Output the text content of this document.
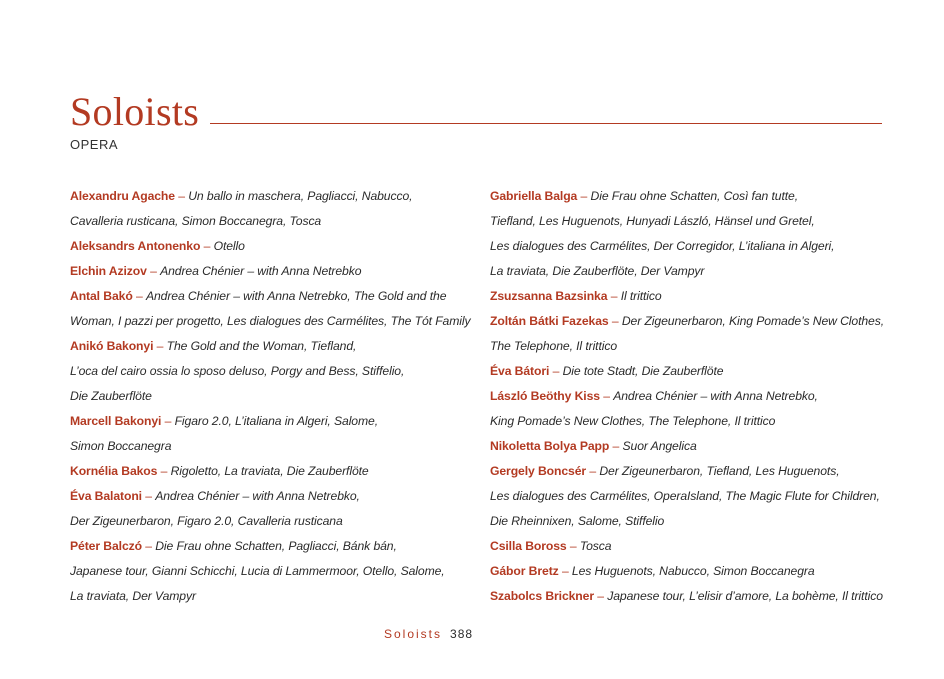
Soloists
OPERA
Alexandru Agache – Un ballo in maschera, Pagliacci, Nabucco,
Cavalleria rusticana, Simon Boccanegra, Tosca
Aleksandrs Antonenko – Otello
Elchin Azizov – Andrea Chénier – with Anna Netrebko
Antal Bakó – Andrea Chénier – with Anna Netrebko, The Gold and the
Woman, I pazzi per progetto, Les dialogues des Carmélites, The Tót Family
Anikó Bakonyi – The Gold and the Woman, Tiefland,
L’oca del cairo ossia lo sposo deluso, Porgy and Bess, Stiffelio,
Die Zauberflöte
Marcell Bakonyi – Figaro 2.0, L’italiana in Algeri, Salome,
Simon Boccanegra
Kornélia Bakos – Rigoletto, La traviata, Die Zauberflöte
Éva Balatoni – Andrea Chénier – with Anna Netrebko,
Der Zigeunerbaron, Figaro 2.0, Cavalleria rusticana
Péter Balczó – Die Frau ohne Schatten, Pagliacci, Bánk bán,
Japanese tour, Gianni Schicchi, Lucia di Lammermoor, Otello, Salome,
La traviata, Der Vampyr
Gabriella Balga – Die Frau ohne Schatten, Così fan tutte,
Tiefland, Les Huguenots, Hunyadi László, Hänsel und Gretel,
Les dialogues des Carmélites, Der Corregidor, L’italiana in Algeri,
La traviata, Die Zauberflöte, Der Vampyr
Zsuzsanna Bazsinka – Il trittico
Zoltán Bátki Fazekas – Der Zigeunerbaron, King Pomade’s New Clothes,
The Telephone, Il trittico
Éva Bátori – Die tote Stadt, Die Zauberflöte
László Beöthy Kiss – Andrea Chénier – with Anna Netrebko,
King Pomade’s New Clothes, The Telephone, Il trittico
Nikoletta Bolya Papp – Suor Angelica
Gergely Boncsér – Der Zigeunerbaron, Tiefland, Les Huguenots,
Les dialogues des Carmélites, OperaIsland, The Magic Flute for Children,
Die Rheinnixen, Salome, Stiffelio
Csilla Boross – Tosca
Gábor Bretz – Les Huguenots, Nabucco, Simon Boccanegra
Szabolcs Brickner – Japanese tour, L’elisir d’amore, La bohème, Il trittico
Soloists 388
